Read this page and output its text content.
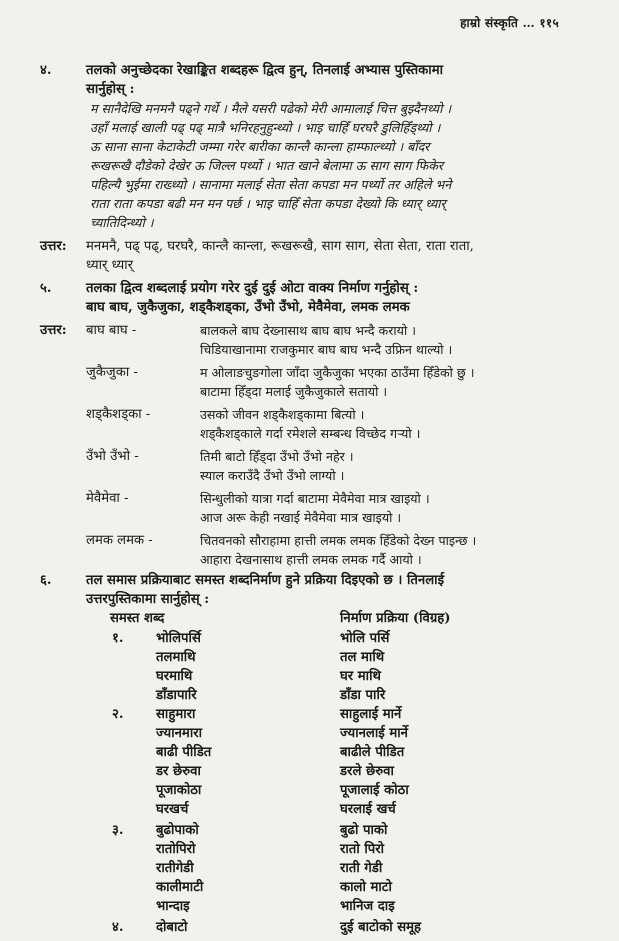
हाम्रो संस्कृति … ११५
४.	तलको अनुच्छेदका रेखाङ्कित शब्दहरू द्वित्व हुन्, तिनलाई अभ्यास पुस्तिकामा
सार्नुहोस् :
म सानैदेखि मनमनै पढ्ने गर्थे । मैले यसरी पढेको मेरी आमालाई चित्त बुझ्दैनथ्यो ।
उहाँ मलाई खाली पढ् पढ् मात्रै भनिरहनुहुन्थ्यो । भाइ चाहिँ घरघरै डुलिहिँड्थ्यो ।
ऊ साना साना केटाकेटी जम्मा गरेर बारीका कान्लै कान्ला हाम्फाल्थ्यो । बाँदर
रूखरूखै दौडेको देखेर ऊ जिल्ल पर्थ्यो । भात खाने बेलामा ऊ साग साग फिकेर
पहिल्यै भुईमा राख्थ्यो । सानामा मलाई सेता सेता कपडा मन पर्थ्यो तर अहिले भने
राता राता कपडा बढी मन मन पर्छ । भाइ चाहिँ सेता कपडा देख्यो कि ध्यार् ध्यार्
च्यातिदिन्थ्यो ।
उत्तर: मनमनै, पढ् पढ्, घरघरै, कान्लै कान्ला, रूखरूखै, साग साग, सेता सेता, राता राता,
ध्यार् ध्यार्
५.	तलका द्वित्व शब्दलाई प्रयोग गरेर दुई दुई ओटा वाक्य निर्माण गर्नुहोस् :
बाघ बाघ, जुकैजुका, शड्कैशड्का, उँभो उँभो, मेवैमेवा, लमक लमक
उत्तर: बाघ बाघ -	बालकले बाघ देख्नासाथ बाघ बाघ भन्दै करायो ।
चिडियाखानामा राजकुमार बाघ बाघ भन्दै उफ्रिन थाल्यो ।
जुकैजुका -	म ओलाङचुङगोला जाँदा जुकैजुका भएका ठाउँमा हिँडेको छु ।
बाटामा हिँड्दा मलाई जुकैजुकाले सतायो ।
शड्कैशड्का -	उसको जीवन शड्कैशड्कामा बित्यो ।
शड्कैशड्काले गर्दा रमेशले सम्बन्ध विच्छेद गऱ्यो ।
उँभो उँभो -	तिमी बाटो हिँड्दा उँभो उँभो नहेर ।
स्याल कराउँदै उँभो उँभो लाग्यो ।
मेवैमेवा -	सिन्धुलीको यात्रा गर्दा बाटामा मेवैमेवा मात्र खाइयो ।
आज अरू केही नखाई मेवैमेवा मात्र खाइयो ।
लमक लमक -	चितवनको सौराहामा हात्ती लमक लमक हिँडेको देख्न पाइन्छ ।
आहारा देखनासाथ हात्ती लमक लमक गर्दै आयो ।
६.	तल समास प्रक्रियाबाट समस्त शब्दनिर्माण हुने प्रक्रिया दिइएको छ । तिनलाई
उत्तरपुस्तिकामा सार्नुहोस् :
समस्त शब्द	निर्माण प्रक्रिया (विग्रह)
१. भोलिपर्सि	भोलि पर्सि
तलमाथि	तल माथि
घरमाथि	घर माथि
डाँडापारि	डाँडा पारि
२. साहुमारा	साहुलाई मार्ने
ज्यानमारा	ज्यानलाई मार्ने
बाढी पीडित	बाढीले पीडित
डर छेरुवा	डरले छेरुवा
पूजाकोठा	पूजालाई कोठा
घरखर्च	घरलाई खर्च
३. बुढोपाको	बुढो पाको
रातोपिरो	रातो पिरो
रातीगेडी	राती गेडी
कालीमाटी	कालो माटो
भान्दाइ	भानिज दाइ
४. दोबाटो	दुई बाटोको समूह
